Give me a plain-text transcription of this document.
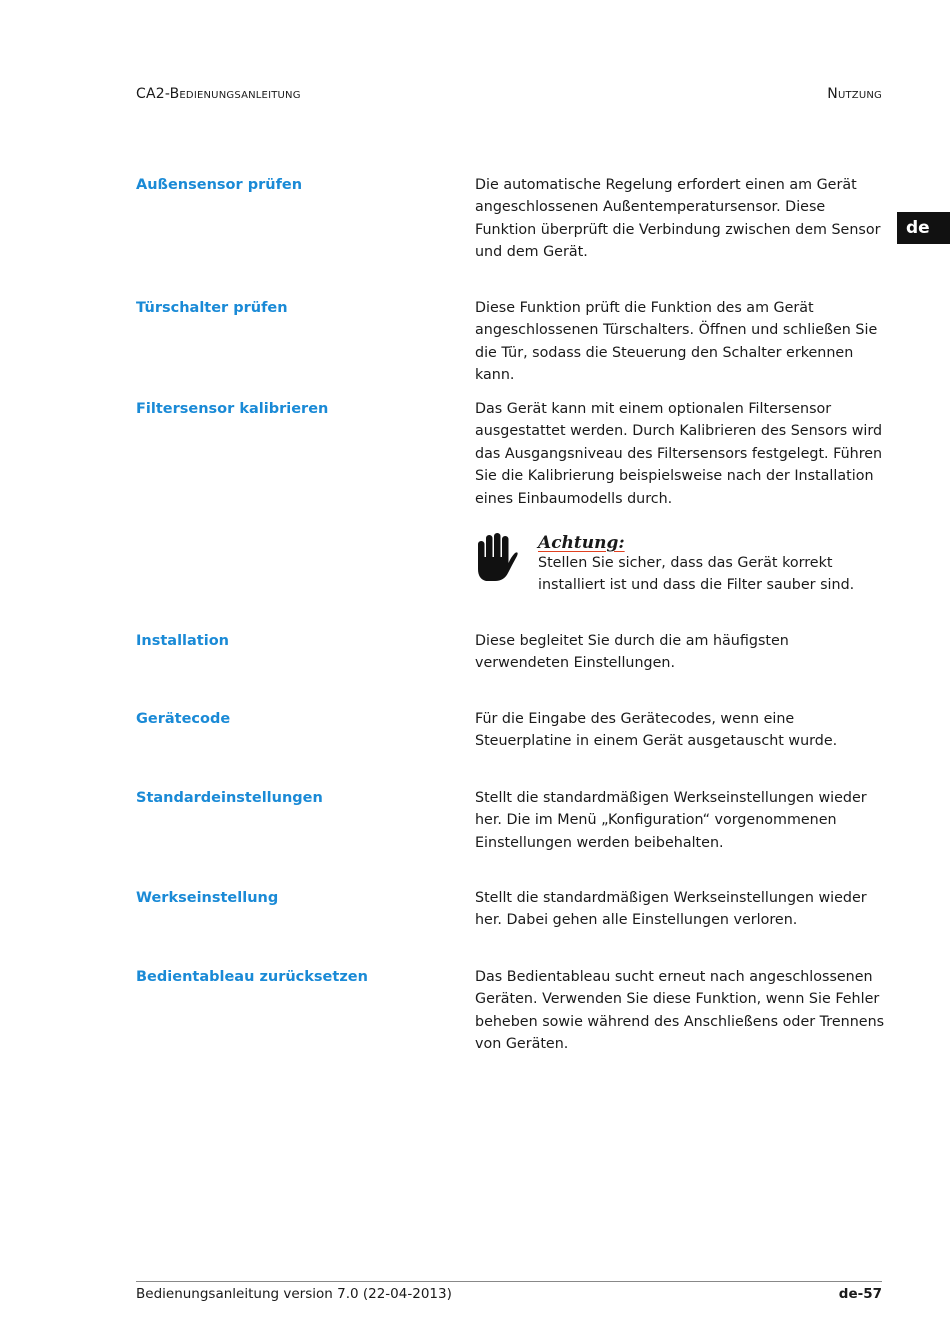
CA2-Bedienungsanleitung	Nutzung
de
Außensensor prüfen	Die automatische Regelung erfordert einen am Gerät angeschlossenen Außentemperatursensor. Diese Funktion überprüft die Verbindung zwischen dem Sensor und dem Gerät.
Türschalter prüfen	Diese Funktion prüft die Funktion des am Gerät angeschlossenen Türschalters. Öffnen und schließen Sie die Tür, sodass die Steuerung den Schalter erkennen kann.
Filtersensor kalibrieren	Das Gerät kann mit einem optionalen Filtersensor ausgestattet werden. Durch Kalibrieren des Sensors wird das Ausgangsniveau des Filtersensors festgelegt. Führen Sie die Kalibrierung beispielsweise nach der Installation eines Einbaumodells durch.
Achtung:
Stellen Sie sicher, dass das Gerät korrekt installiert ist und dass die Filter sauber sind.
Installation	Diese begleitet Sie durch die am häufigsten verwendeten Einstellungen.
Gerätecode	Für die Eingabe des Gerätecodes, wenn eine Steuerplatine in einem Gerät ausgetauscht wurde.
Standardeinstellungen	Stellt die standardmäßigen Werkseinstellungen wieder her. Die im Menü „Konfiguration“ vorgenommenen Einstellungen werden beibehalten.
Werkseinstellung	Stellt die standardmäßigen Werkseinstellungen wieder her. Dabei gehen alle Einstellungen verloren.
Bedientableau zurücksetzen	Das Bedientableau sucht erneut nach angeschlossenen Geräten. Verwenden Sie diese Funktion, wenn Sie Fehler beheben sowie während des Anschließens oder Trennens von Geräten.
Bedienungsanleitung version 7.0 (22-04-2013)	de-57
